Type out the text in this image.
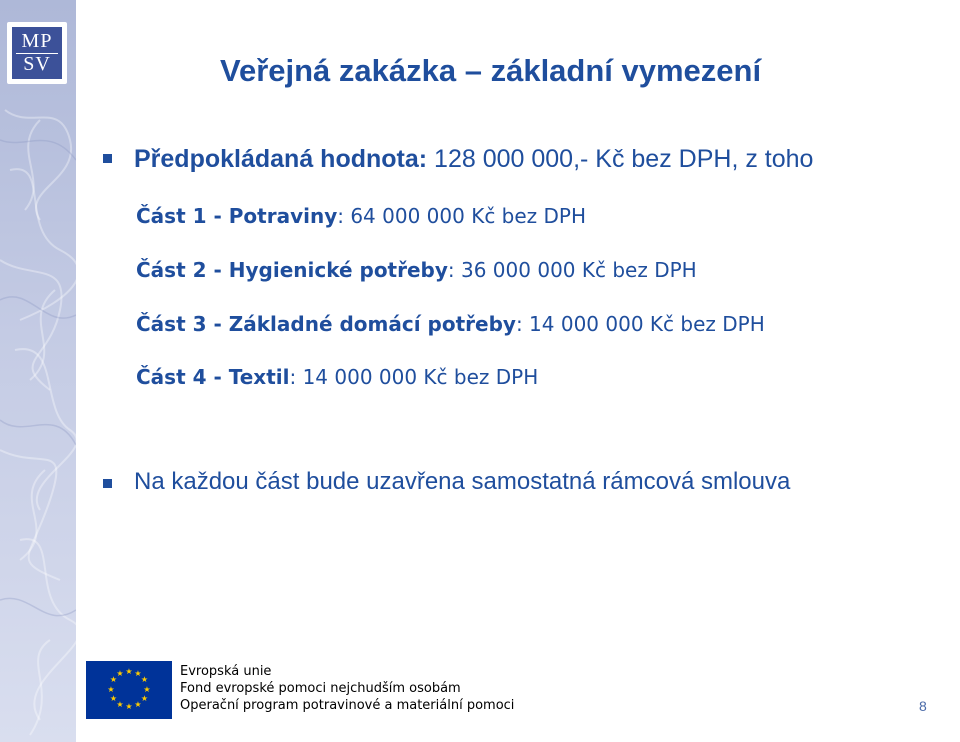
MP
SV	Veřejná zakázka – základní vymezení
Předpokládaná hodnota: 128 000 000,- Kč bez DPH, z toho
Část 1 - Potraviny: 64 000 000 Kč bez DPH
Část 2 - Hygienické potřeby: 36 000 000 Kč bez DPH
Část 3 - Základné domácí potřeby: 14 000 000 Kč bez DPH
Část 4 - Textil: 14 000 000 Kč bez DPH
Na každou část bude uzavřena samostatná rámcová smlouva
★ ★
★
★
★
★
★
★
★
★
★
★	Evropská unie
Fond evropské pomoci nejchudším osobám
Operační program potravinové a materiální pomoci	8
